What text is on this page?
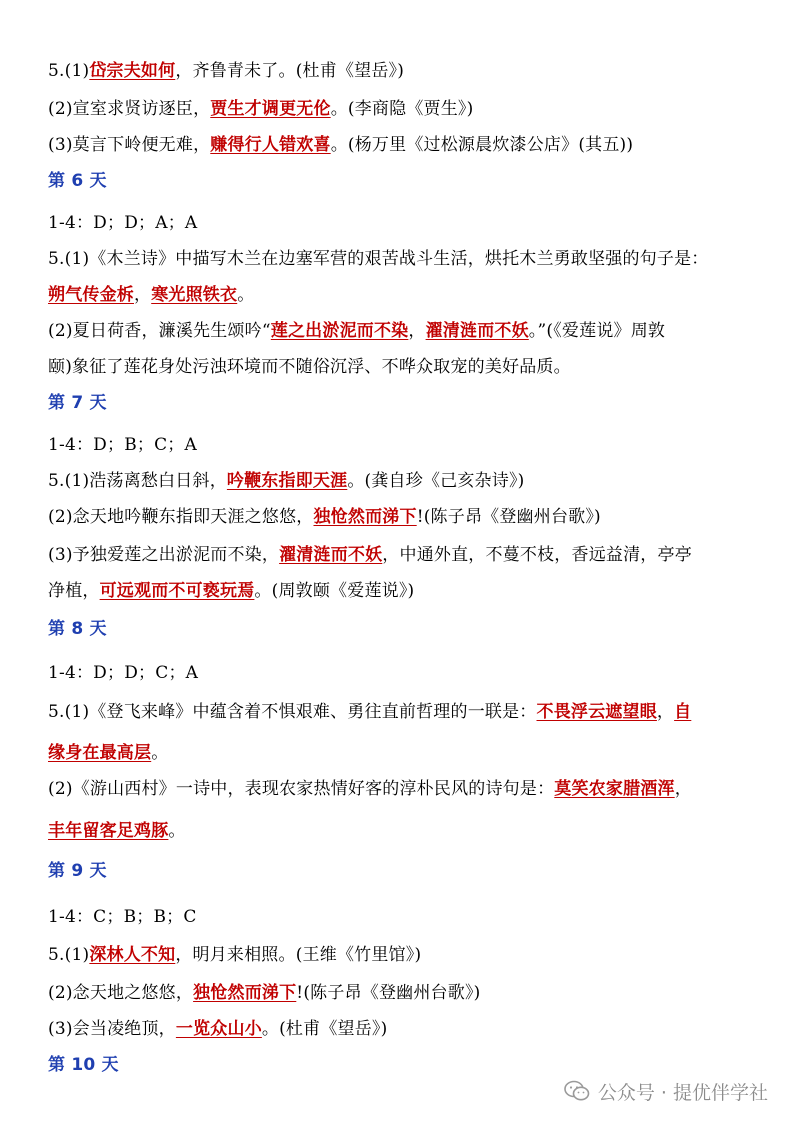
5.(1)岱宗夫如何，齐鲁青未了。(杜甫《望岳》)
(2)宣室求贤访逐臣，贾生才调更无伦。(李商隐《贾生》)
(3)莫言下岭便无难，赚得行人错欢喜。(杨万里《过松源晨炊漆公店》(其五))
第 6 天
1-4：D；D；A；A
5.(1)《木兰诗》中描写木兰在边塞军营的艰苦战斗生活，烘托木兰勇敢坚强的句子是：
朔气传金柝，寒光照铁衣。
(2)夏日荷香，濂溪先生颂吟“莲之出淤泥而不染，濯清涟而不妖。”(《爱莲说》周敦
颐)象征了莲花身处污浊环境而不随俗沉浮、不哗众取宠的美好品质。
第 7 天
1-4：D；B；C；A
5.(1)浩荡离愁白日斜，吟鞭东指即天涯。(龚自珍《己亥杂诗》)
(2)念天地吟鞭东指即天涯之悠悠，独怆然而涕下!(陈子昂《登幽州台歌》)
(3)予独爱莲之出淤泥而不染，濯清涟而不妖，中通外直，不蔓不枝，香远益清，亭亭
净植，可远观而不可亵玩焉。(周敦颐《爱莲说》)
第 8 天
1-4：D；D；C；A
5.(1)《登飞来峰》中蕴含着不惧艰难、勇往直前哲理的一联是：不畏浮云遮望眼，自
缘身在最高层。
(2)《游山西村》一诗中，表现农家热情好客的淳朴民风的诗句是：莫笑农家腊酒浑，
丰年留客足鸡豚。
第 9 天
1-4：C；B；B；C
5.(1)深林人不知，明月来相照。(王维《竹里馆》)
(2)念天地之悠悠，独怆然而涕下!(陈子昂《登幽州台歌》)
(3)会当凌绝顶，一览众山小。(杜甫《望岳》)
第 10 天
公众号 · 提优伴学社
